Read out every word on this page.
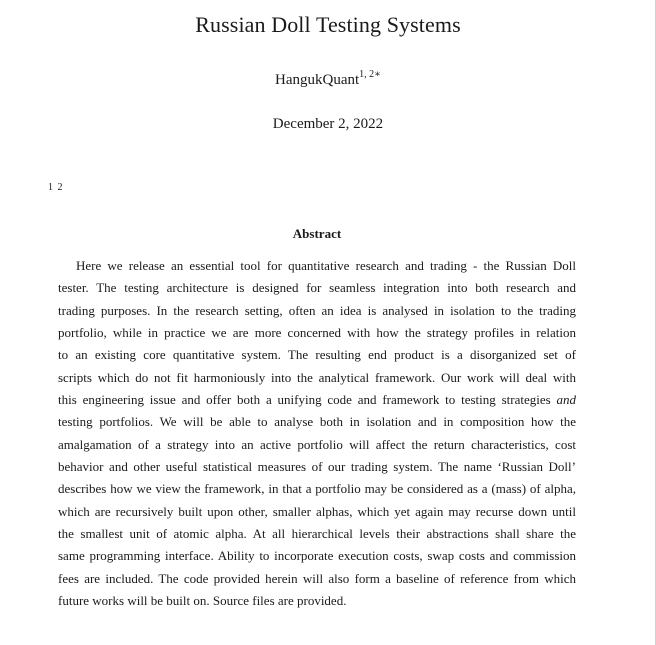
Russian Doll Testing Systems
HangukQuant$^{1, 2∗}$
December 2, 2022
1 2
Abstract
Here we release an essential tool for quantitative research and trading - the Russian Doll
tester. The testing architecture is designed for seamless integration into both research and
trading purposes. In the research setting, often an idea is analysed in isolation to the trading
portfolio, while in practice we are more concerned with how the strategy profiles in relation
to an existing core quantitative system. The resulting end product is a disorganized set of
scripts which do not fit harmoniously into the analytical framework. Our work will deal with
this engineering issue and offer both a unifying code and framework to testing strategies and
testing portfolios. We will be able to analyse both in isolation and in composition how the
amalgamation of a strategy into an active portfolio will affect the return characteristics, cost
behavior and other useful statistical measures of our trading system. The name ‘Russian Doll’
describes how we view the framework, in that a portfolio may be considered as a (mass) of alpha,
which are recursively built upon other, smaller alphas, which yet again may recurse down until
the smallest unit of atomic alpha. At all hierarchical levels their abstractions shall share the
same programming interface. Ability to incorporate execution costs, swap costs and commission
fees are included. The code provided herein will also form a baseline of reference from which
future works will be built on. Source files are provided.
